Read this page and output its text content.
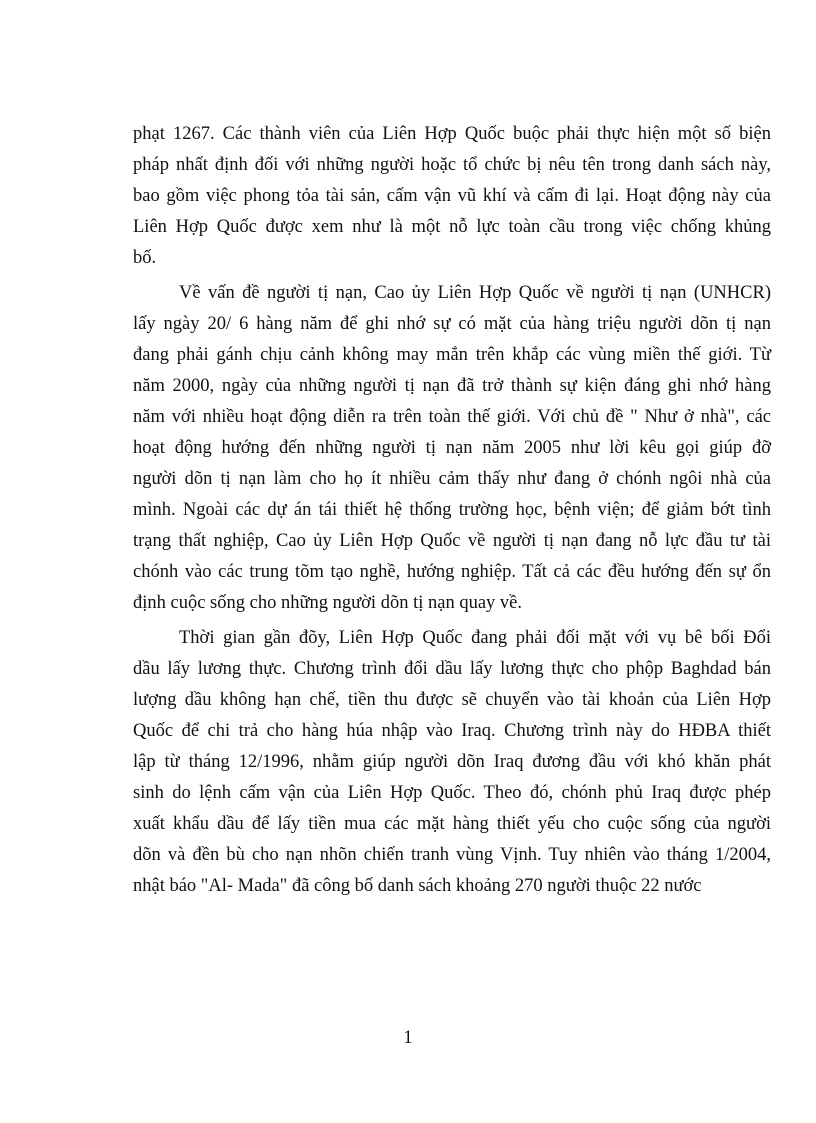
phạt 1267. Các thành viên của Liên Hợp Quốc buộc phải thực hiện một số biện
pháp nhất định đối với những người hoặc tổ chức bị nêu tên trong danh sách này,
bao gồm việc phong tỏa tài sản, cấm vận vũ khí và cấm đi lại. Hoạt động này của
Liên Hợp Quốc được xem như là một nỗ lực toàn cầu trong việc chống khủng
bố.
Về vấn đề người tị nạn, Cao ủy Liên Hợp Quốc về người tị nạn (UNHCR)
lấy ngày 20/ 6 hàng năm để ghi nhớ sự có mặt của hàng triệu người dõn tị nạn
đang phải gánh chịu cảnh không may mắn trên khắp các vùng miền thế giới. Từ
năm 2000, ngày của những người tị nạn đã trở thành sự kiện đáng ghi nhớ hàng
năm với nhiều hoạt động diễn ra trên toàn thế giới. Với chủ đề " Như ở nhà", các
hoạt động hướng đến những người tị nạn năm 2005 như lời kêu gọi giúp đỡ
người dõn tị nạn làm cho họ ít nhiều cảm thấy như đang ở chónh ngôi nhà của
mình. Ngoài các dự án tái thiết hệ thống trường học, bệnh viện; để giảm bớt tình
trạng thất nghiệp, Cao ủy Liên Hợp Quốc về người tị nạn đang nỗ lực đầu tư tài
chónh vào các trung tõm tạo nghề, hướng nghiệp. Tất cả các đều hướng đến sự ổn
định cuộc sống cho những người dõn tị nạn quay về.
Thời gian gần đõy, Liên Hợp Quốc đang phải đối mặt với vụ bê bối Đổi
dầu lấy lương thực. Chương trình đổi dầu lấy lương thực cho phộp Baghdad bán
lượng dầu không hạn chế, tiền thu được sẽ chuyển vào tài khoản của Liên Hợp
Quốc để chi trả cho hàng húa nhập vào Iraq. Chương trình này do HĐBA thiết
lập từ tháng 12/1996, nhằm giúp người dõn Iraq đương đầu với khó khăn phát
sinh do lệnh cấm vận của Liên Hợp Quốc. Theo đó, chónh phủ Iraq được phép
xuất khẩu dầu để lấy tiền mua các mặt hàng thiết yếu cho cuộc sống của người
dõn và đền bù cho nạn nhõn chiến tranh vùng Vịnh. Tuy nhiên vào tháng 1/2004,
nhật báo "Al- Mada" đã công bố danh sách khoảng 270 người thuộc 22 nước
1
